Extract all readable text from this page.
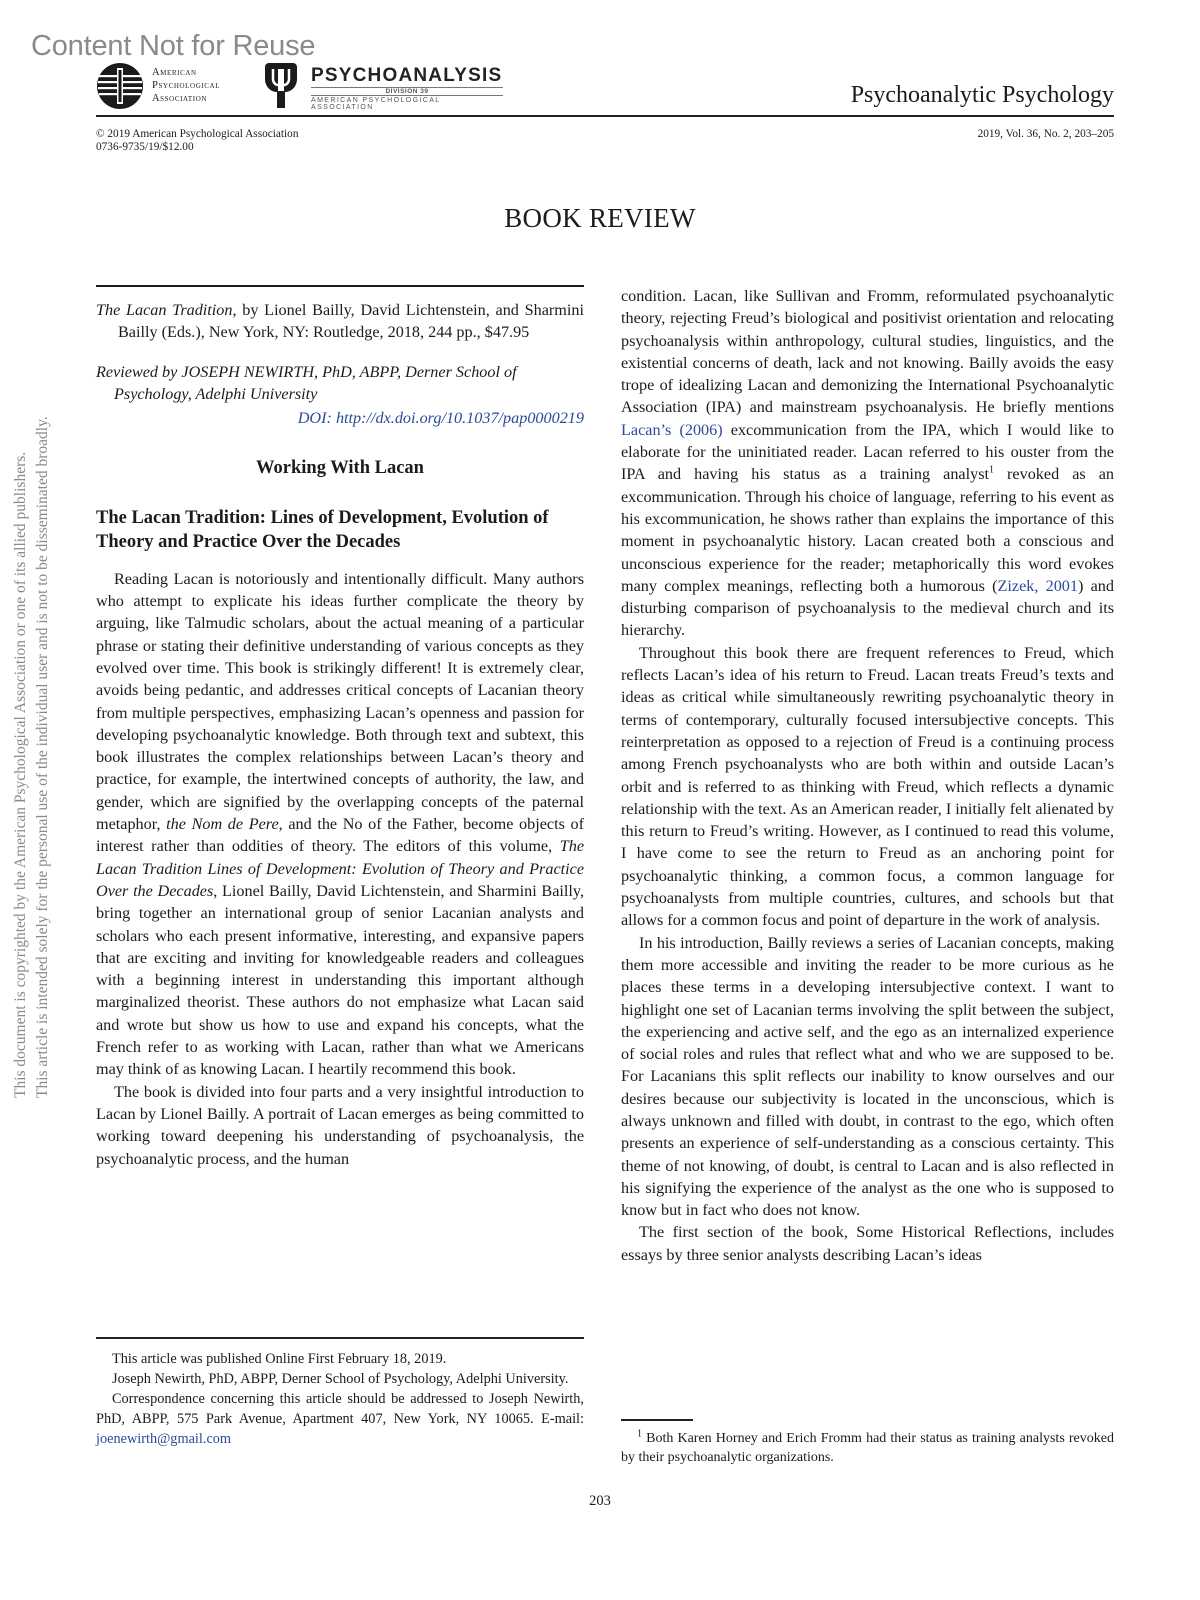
Content Not for Reuse
This document is copyrighted by the American Psychological Association or one of its allied publishers. This article is intended solely for the personal use of the individual user and is not to be disseminated broadly.
American
Psychological
Association
PSYCHOANALYSIS
DIVISION 39
AMERICAN PSYCHOLOGICAL ASSOCIATION	Psychoanalytic Psychology
© 2019 American Psychological Association
0736-9735/19/$12.00
2019, Vol. 36, No. 2, 203–205
BOOK REVIEW
The Lacan Tradition, by Lionel Bailly, David Lichtenstein, and Sharmini Bailly (Eds.), New York, NY: Routledge, 2018, 244 pp., $47.95
Reviewed by JOSEPH NEWIRTH, PhD, ABPP, Derner School of Psychology, Adelphi University
DOI: http://dx.doi.org/10.1037/pap0000219
Working With Lacan
The Lacan Tradition: Lines of Development, Evolution of Theory and Practice Over the Decades

Reading Lacan is notoriously and intentionally difficult. Many authors who attempt to explicate his ideas further complicate the theory by arguing, like Talmudic scholars, about the actual meaning of a particular phrase or stating their definitive understanding of various concepts as they evolved over time. This book is strikingly different! It is extremely clear, avoids being pedantic, and addresses critical concepts of Lacanian theory from multiple perspectives, emphasizing Lacan’s openness and passion for developing psychoanalytic knowledge. Both through text and subtext, this book illustrates the complex relationships between Lacan’s theory and practice, for example, the intertwined concepts of authority, the law, and gender, which are signified by the overlapping concepts of the paternal metaphor, the Nom de Pere, and the No of the Father, become objects of interest rather than oddities of theory. The editors of this volume, The Lacan Tradition Lines of Development: Evolution of Theory and Practice Over the Decades, Lionel Bailly, David Lichtenstein, and Sharmini Bailly, bring together an international group of senior Lacanian analysts and scholars who each present informative, interesting, and expansive papers that are exciting and inviting for knowledgeable readers and colleagues with a beginning interest in understanding this important although marginalized theorist. These authors do not emphasize what Lacan said and wrote but show us how to use and expand his concepts, what the French refer to as working with Lacan, rather than what we Americans may think of as knowing Lacan. I heartily recommend this book.

The book is divided into four parts and a very insightful introduction to Lacan by Lionel Bailly. A portrait of Lacan emerges as being committed to working toward deepening his understanding of psychoanalysis, the psychoanalytic process, and the human

This article was published Online First February 18, 2019.

Joseph Newirth, PhD, ABPP, Derner School of Psychology, Adelphi University.

Correspondence concerning this article should be addressed to Joseph Newirth, PhD, ABPP, 575 Park Avenue, Apartment 407, New York, NY 10065. E-mail: joenewirth@gmail.com

condition. Lacan, like Sullivan and Fromm, reformulated psychoanalytic theory, rejecting Freud’s biological and positivist orientation and relocating psychoanalysis within anthropology, cultural studies, linguistics, and the existential concerns of death, lack and not knowing. Bailly avoids the easy trope of idealizing Lacan and demonizing the International Psychoanalytic Association (IPA) and mainstream psychoanalysis. He briefly mentions Lacan’s (2006) excommunication from the IPA, which I would like to elaborate for the uninitiated reader. Lacan referred to his ouster from the IPA and having his status as a training analyst$^1$ revoked as an excommunication. Through his choice of language, referring to his event as his excommunication, he shows rather than explains the importance of this moment in psychoanalytic history. Lacan created both a conscious and unconscious experience for the reader; metaphorically this word evokes many complex meanings, reflecting both a humorous (Zizek, 2001) and disturbing comparison of psychoanalysis to the medieval church and its hierarchy.

Throughout this book there are frequent references to Freud, which reflects Lacan’s idea of his return to Freud. Lacan treats Freud’s texts and ideas as critical while simultaneously rewriting psychoanalytic theory in terms of contemporary, culturally focused intersubjective concepts. This reinterpretation as opposed to a rejection of Freud is a continuing process among French psychoanalysts who are both within and outside Lacan’s orbit and is referred to as thinking with Freud, which reflects a dynamic relationship with the text. As an American reader, I initially felt alienated by this return to Freud’s writing. However, as I continued to read this volume, I have come to see the return to Freud as an anchoring point for psychoanalytic thinking, a common focus, a common language for psychoanalysts from multiple countries, cultures, and schools but that allows for a common focus and point of departure in the work of analysis.

In his introduction, Bailly reviews a series of Lacanian concepts, making them more accessible and inviting the reader to be more curious as he places these terms in a developing intersubjective context. I want to highlight one set of Lacanian terms involving the split between the subject, the experiencing and active self, and the ego as an internalized experience of social roles and rules that reflect what and who we are supposed to be. For Lacanians this split reflects our inability to know ourselves and our desires because our subjectivity is located in the unconscious, which is always unknown and filled with doubt, in contrast to the ego, which often presents an experience of self-understanding as a conscious certainty. This theme of not knowing, of doubt, is central to Lacan and is also reflected in his signifying the experience of the analyst as the one who is supposed to know but in fact who does not know.

The first section of the book, Some Historical Reflections, includes essays by three senior analysts describing Lacan’s ideas

$^1$ Both Karen Horney and Erich Fromm had their status as training analysts revoked by their psychoanalytic organizations.
203
